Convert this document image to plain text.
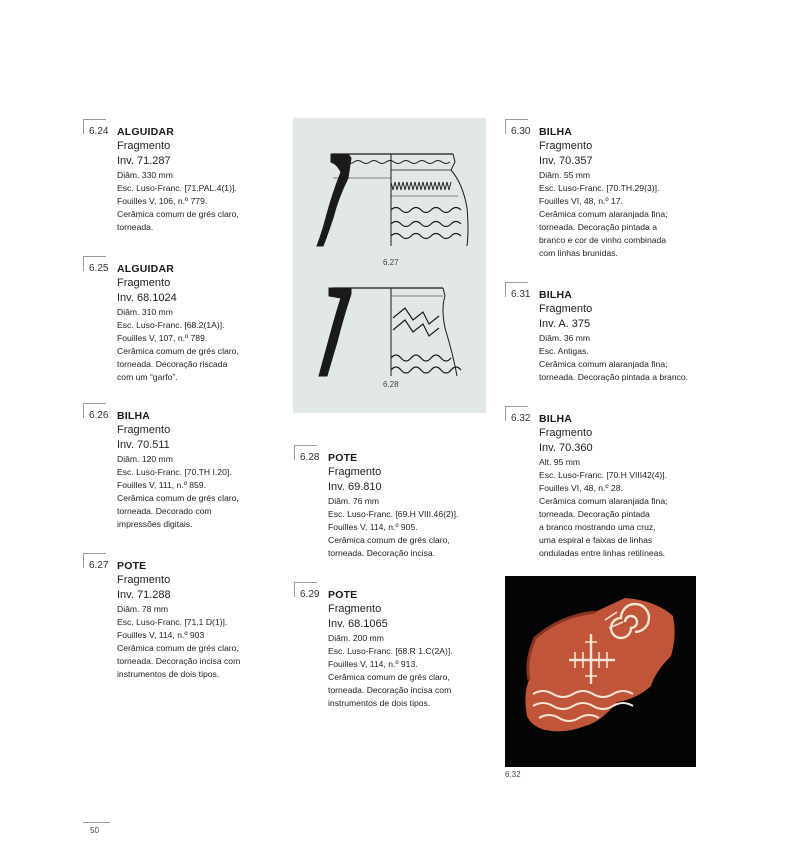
6.24 ALGUIDAR
Fragmento
Inv. 71.287
Diâm. 330 mm
Esc. Luso-Franc. [71.PAL.4(1)].
Fouilles V, 106, n.º 779.
Cerâmica comum de grés claro,
torneada.
6.25 ALGUIDAR
Fragmento
Inv. 68.1024
Diâm. 310 mm
Esc. Luso-Franc. [68.2(1A)].
Fouilles V, 107, n.º 789.
Cerâmica comum de grés claro,
torneada. Decoração riscada
com um “garfo”.
6.26 BILHA
Fragmento
Inv. 70.511
Diâm. 120 mm
Esc. Luso-Franc. [70.TH I.20].
Fouilles V, 111, n.º 859.
Cerâmica comum de grés claro,
torneada. Decorado com
impressões digitais.
6.27 POTE
Fragmento
Inv. 71.288
Diâm. 78 mm
Esc. Luso-Franc. [71.1 D(1)].
Fouilles V, 114, n.º 903
Cerâmica comum de grés claro,
torneada. Decoração incisa com
instrumentos de dois tipos.
6.28 POTE
Fragmento
Inv. 69.810
Diâm. 76 mm
Esc. Luso-Franc. [69.H VIII.46(2)].
Fouilles V, 114, n.º 905.
Cerâmica comum de grés claro,
torneada. Decoração incisa.
6.29 POTE
Fragmento
Inv. 68.1065
Diâm. 200 mm
Esc. Luso-Franc. [68.R 1.C(2A)].
Fouilles V, 114, n.º 913.
Cerâmica comum de grés claro,
torneada. Decoração incisa com
instrumentos de dois tipos.
6.30 BILHA
Fragmento
Inv. 70.357
Diâm. 55 mm
Esc. Luso-Franc. [70.TH.29(3)].
Fouilles VI, 48, n.º 17.
Cerâmica comum alaranjada fina;
torneada. Decoração pintada a
branco e cor de vinho combinada
com linhas brunidas.
6.31 BILHA
Fragmento
Inv. A. 375
Diâm. 36 mm
Esc. Antigas.
Cerâmica comum alaranjada fina;
torneada. Decoração pintada a branco.
6.32 BILHA
Fragmento
Inv. 70.360
Alt. 95 mm
Esc. Luso-Franc. [70.H VIII42(4)].
Fouilles VI, 48, n.º 28.
Cerâmica comum alaranjada fina;
torneada. Decoração pintada
a branco mostrando uma cruz,
uma espiral e faixas de linhas
onduladas entre linhas retilíneas.
6.27
6.28
6.32
50
